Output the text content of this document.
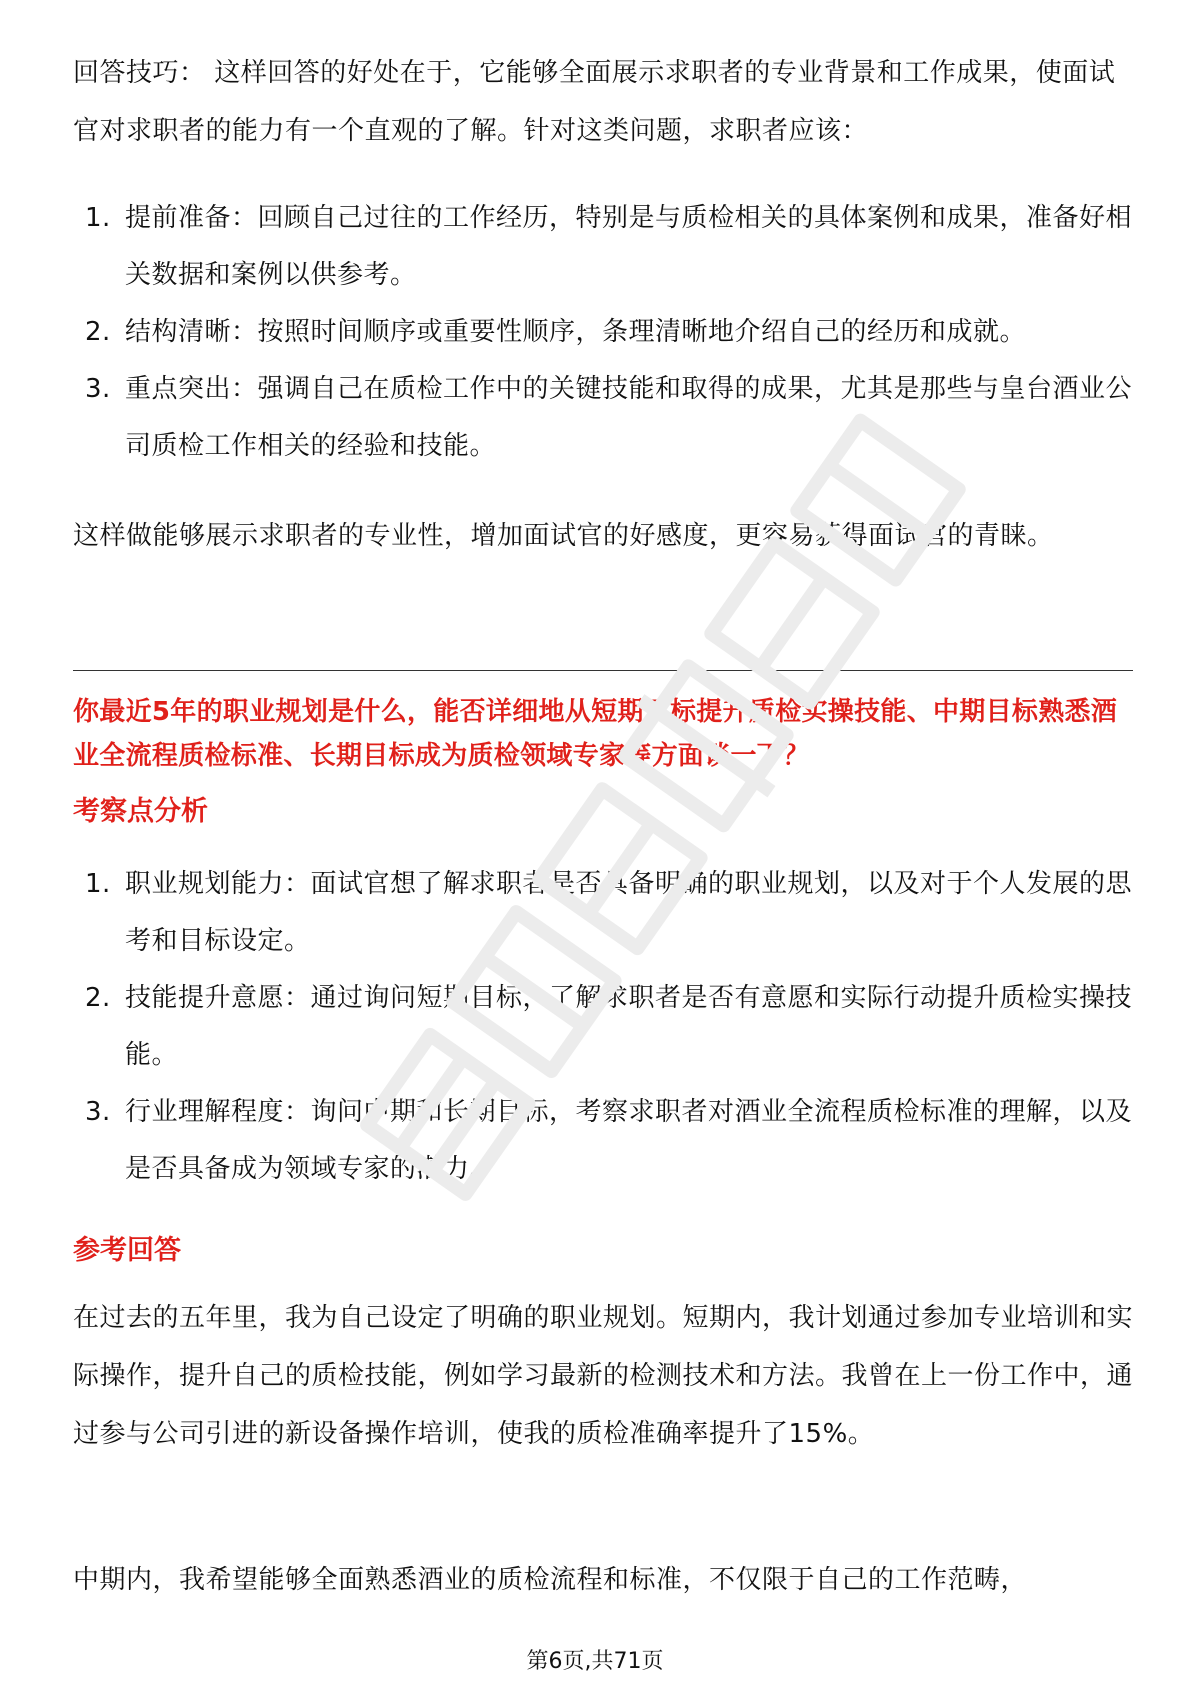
回答技巧： 这样回答的好处在于，它能够全面展示求职者的专业背景和工作成果，使面试官对求职者的能力有一个直观的了解。针对这类问题，求职者应该：

1. 提前准备：回顾自己过往的工作经历，特别是与质检相关的具体案例和成果，准备好相关数据和案例以供参考。
2. 结构清晰：按照时间顺序或重要性顺序，条理清晰地介绍自己的经历和成就。
3. 重点突出：强调自己在质检工作中的关键技能和取得的成果，尤其是那些与皇台酒业公司质检工作相关的经验和技能。

这样做能够展示求职者的专业性，增加面试官的好感度，更容易获得面试官的青睐。

你最近5年的职业规划是什么，能否详细地从短期目标提升质检实操技能、中期目标熟悉酒业全流程质检标准、长期目标成为质检领域专家等方面谈一下？

考察点分析
1. 职业规划能力：面试官想了解求职者是否具备明确的职业规划，以及对于个人发展的思考和目标设定。
2. 技能提升意愿：通过询问短期目标，了解求职者是否有意愿和实际行动提升质检实操技能。
3. 行业理解程度：询问中期和长期目标，考察求职者对酒业全流程质检标准的理解，以及是否具备成为领域专家的潜力。
参考回答

在过去的五年里，我为自己设定了明确的职业规划。短期内，我计划通过参加专业培训和实际操作，提升自己的质检技能，例如学习最新的检测技术和方法。我曾在上一份工作中，通过参与公司引进的新设备操作培训，使我的质检准确率提升了15%。

中期内，我希望能够全面熟悉酒业的质检流程和标准，不仅限于自己的工作范畴，

第6页,共71页
